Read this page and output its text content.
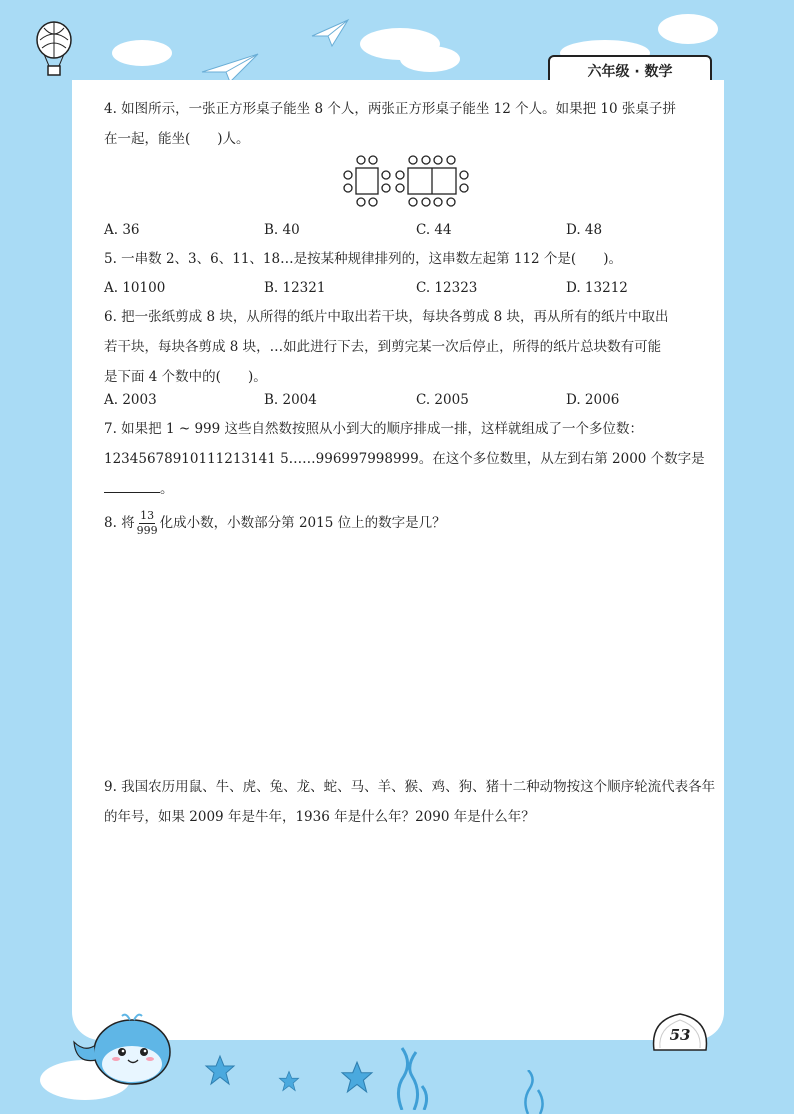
六年级 · 数学
4. 如图所示，一张正方形桌子能坐 8 个人，两张正方形桌子能坐 12 个人。如果把 10 张桌子拼
在一起，能坐(　　)人。
A. 36	B. 40	C. 44	D. 48
5. 一串数 2、3、6、11、18…是按某种规律排列的，这串数左起第 112 个是(　　)。
A. 10100	B. 12321	C. 12323	D. 13212
6. 把一张纸剪成 8 块，从所得的纸片中取出若干块，每块各剪成 8 块，再从所有的纸片中取出
若干块，每块各剪成 8 块，…如此进行下去，到剪完某一次后停止，所得的纸片总块数有可能
是下面 4 个数中的(　　)。
A. 2003	B. 2004	C. 2005	D. 2006
7. 如果把 1 ~ 999 这些自然数按照从小到大的顺序排成一排，这样就组成了一个多位数：
12345678910111213141 5……996997998999。在这个多位数里，从左到右第 2000 个数字是
。
8. 将 $\frac{13}{999}$ 化成小数，小数部分第 2015 位上的数字是几？
9. 我国农历用鼠、牛、虎、兔、龙、蛇、马、羊、猴、鸡、狗、猪十二种动物按这个顺序轮流代表各年
的年号，如果 2009 年是牛年，1936 年是什么年？2090 年是什么年？
53
